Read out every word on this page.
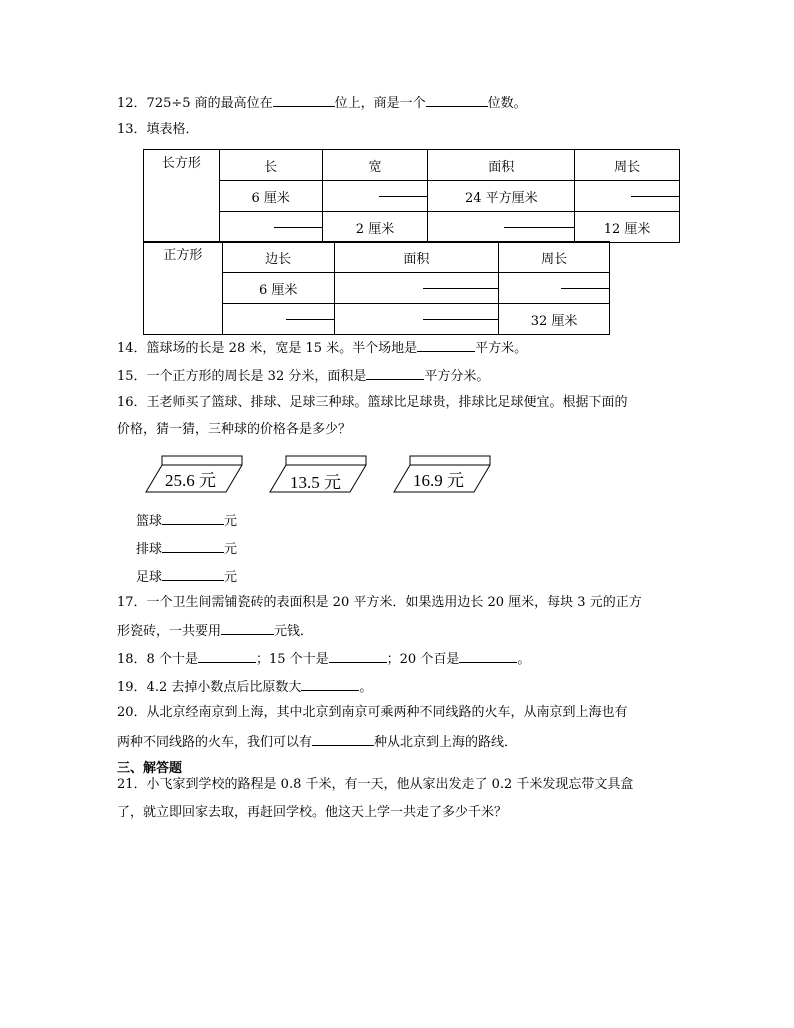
12．725÷5 商的最高位在	位上，商是一个	位数。
13．填表格．
长方形	长	宽	面积	周长
	6 厘米		24 平方厘米	
		2 厘米		12 厘米
正方形	边长	面积	周长
	6 厘米		
			32 厘米
14．篮球场的长是 28 米，宽是 15 米。半个场地是	平方米。
15．一个正方形的周长是 32 分米，面积是	平方分米。
16．王老师买了篮球、排球、足球三种球。篮球比足球贵，排球比足球便宜。根据下面的
价格，猜一猜，三种球的价格各是多少？
25.6 元	13.5 元	16.9 元
篮球	元
排球	元
足球	元
17．一个卫生间需铺瓷砖的表面积是 20 平方米．如果选用边长 20 厘米，每块 3 元的正方
形瓷砖，一共要用	元钱．
18．8 个十是	；15 个十是	；20 个百是	。
19．4.2 去掉小数点后比原数大	。
20．从北京经南京到上海，其中北京到南京可乘两种不同线路的火车，从南京到上海也有
两种不同线路的火车，我们可以有	种从北京到上海的路线．
三、解答题
21．小飞家到学校的路程是 0.8 千米，有一天，他从家出发走了 0.2 千米发现忘带文具盒
了，就立即回家去取，再赶回学校。他这天上学一共走了多少千米？
